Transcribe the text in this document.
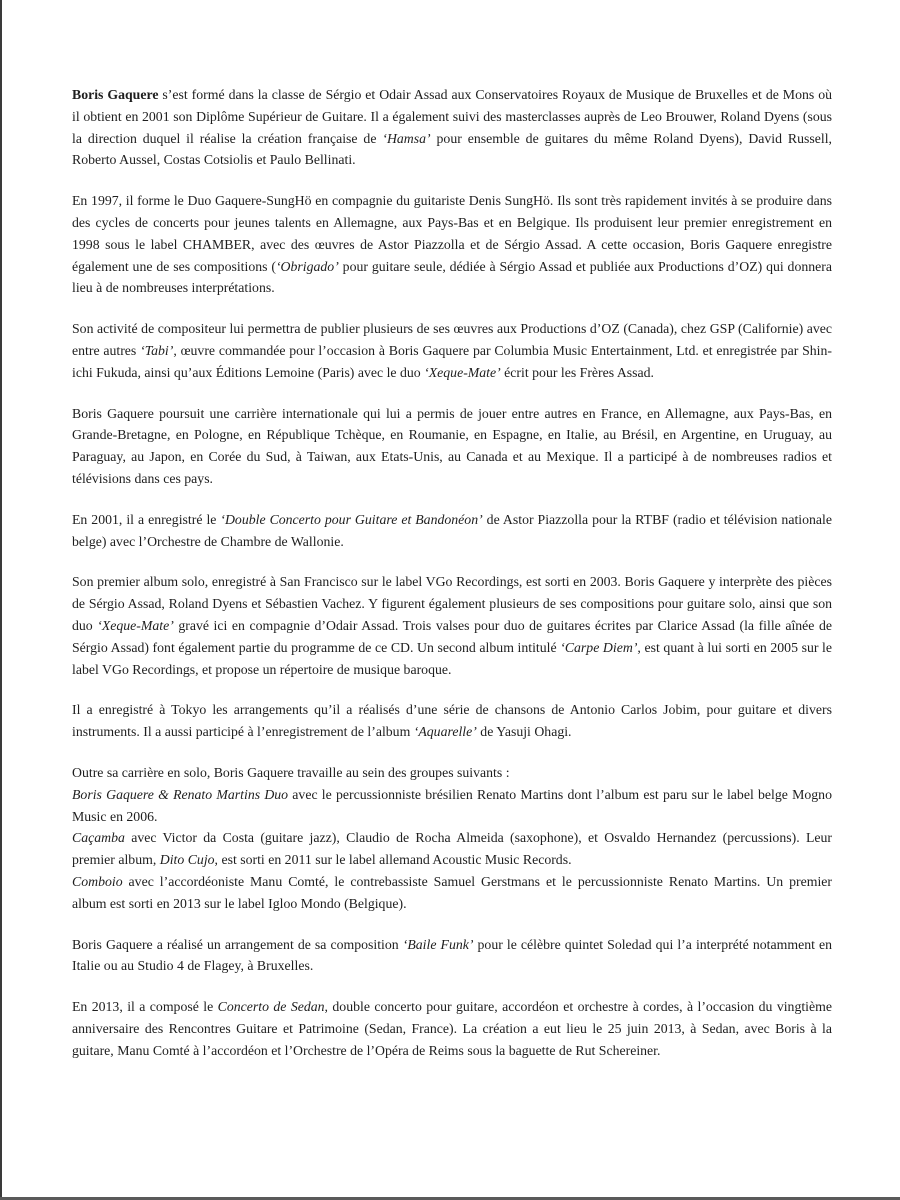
Boris Gaquere s’est formé dans la classe de Sérgio et Odair Assad aux Conservatoires Royaux de Musique de Bruxelles et de Mons où il obtient en 2001 son Diplôme Supérieur de Guitare. Il a également suivi des masterclasses auprès de Leo Brouwer, Roland Dyens (sous la direction duquel il réalise la création française de ‘Hamsa’ pour ensemble de guitares du même Roland Dyens), David Russell, Roberto Aussel, Costas Cotsiolis et Paulo Bellinati.

En 1997, il forme le Duo Gaquere-SungHö en compagnie du guitariste Denis SungHö. Ils sont très rapidement invités à se produire dans des cycles de concerts pour jeunes talents en Allemagne, aux Pays-Bas et en Belgique. Ils produisent leur premier enregistrement en 1998 sous le label CHAMBER, avec des œuvres de Astor Piazzolla et de Sérgio Assad. A cette occasion, Boris Gaquere enregistre également une de ses compositions (‘Obrigado’ pour guitare seule, dédiée à Sérgio Assad et publiée aux Productions d’OZ) qui donnera lieu à de nombreuses interprétations.

Son activité de compositeur lui permettra de publier plusieurs de ses œuvres aux Productions d’OZ (Canada), chez GSP (Californie) avec entre autres ‘Tabi’, œuvre commandée pour l’occasion à Boris Gaquere par Columbia Music Entertainment, Ltd. et enregistrée par Shin-ichi Fukuda, ainsi qu’aux Éditions Lemoine (Paris) avec le duo ‘Xeque-Mate’ écrit pour les Frères Assad.

Boris Gaquere poursuit une carrière internationale qui lui a permis de jouer entre autres en France, en Allemagne, aux Pays-Bas, en Grande-Bretagne, en Pologne, en République Tchèque, en Roumanie, en Espagne, en Italie, au Brésil, en Argentine, en Uruguay, au Paraguay, au Japon, en Corée du Sud, à Taiwan, aux Etats-Unis, au Canada et au Mexique. Il a participé à de nombreuses radios et télévisions dans ces pays.

En 2001, il a enregistré le ‘Double Concerto pour Guitare et Bandonéon’ de Astor Piazzolla pour la RTBF (radio et télévision nationale belge) avec l’Orchestre de Chambre de Wallonie.

Son premier album solo, enregistré à San Francisco sur le label VGo Recordings, est sorti en 2003. Boris Gaquere y interprète des pièces de Sérgio Assad, Roland Dyens et Sébastien Vachez. Y figurent également plusieurs de ses compositions pour guitare solo, ainsi que son duo ‘Xeque-Mate’ gravé ici en compagnie d’Odair Assad. Trois valses pour duo de guitares écrites par Clarice Assad (la fille aînée de Sérgio Assad) font également partie du programme de ce CD. Un second album intitulé ‘Carpe Diem’, est quant à lui sorti en 2005 sur le label VGo Recordings, et propose un répertoire de musique baroque.

Il a enregistré à Tokyo les arrangements qu’il a réalisés d’une série de chansons de Antonio Carlos Jobim, pour guitare et divers instruments. Il a aussi participé à l’enregistrement de l’album ‘Aquarelle’ de Yasuji Ohagi.

Outre sa carrière en solo, Boris Gaquere travaille au sein des groupes suivants :

Boris Gaquere & Renato Martins Duo avec le percussionniste brésilien Renato Martins dont l’album est paru sur le label belge Mogno Music en 2006.

Caçamba avec Victor da Costa (guitare jazz), Claudio de Rocha Almeida (saxophone), et Osvaldo Hernandez (percussions). Leur premier album, Dito Cujo, est sorti en 2011 sur le label allemand Acoustic Music Records.

Comboio avec l’accordéoniste Manu Comté, le contrebassiste Samuel Gerstmans et le percussionniste Renato Martins. Un premier album est sorti en 2013 sur le label Igloo Mondo (Belgique).

Boris Gaquere a réalisé un arrangement de sa composition ‘Baile Funk’ pour le célèbre quintet Soledad qui l’a interprété notamment en Italie ou au Studio 4 de Flagey, à Bruxelles.

En 2013, il a composé le Concerto de Sedan, double concerto pour guitare, accordéon et orchestre à cordes, à l’occasion du vingtième anniversaire des Rencontres Guitare et Patrimoine (Sedan, France). La création a eut lieu le 25 juin 2013, à Sedan, avec Boris à la guitare, Manu Comté à l’accordéon et l’Orchestre de l’Opéra de Reims sous la baguette de Rut Schereiner.
